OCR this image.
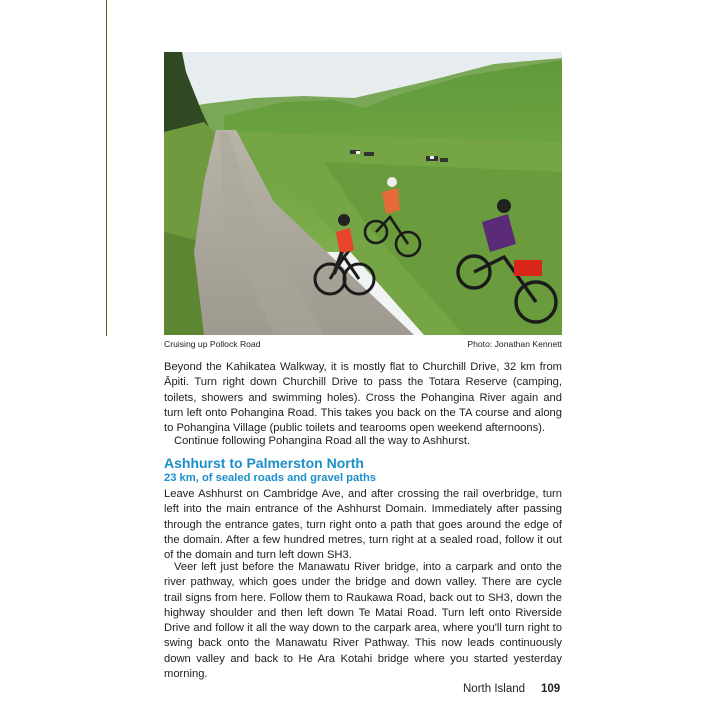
Cruising up Pollock Road	Photo: Jonathan Kennett

Beyond the Kahikatea Walkway, it is mostly flat to Churchill Drive, 32 km from Āpiti. Turn right down Churchill Drive to pass the Totara Reserve (camping, toilets, showers and swimming holes). Cross the Pohangina River again and turn left onto Pohangina Road. This takes you back on the TA course and along to Pohangina Village (public toilets and tearooms open weekend afternoons).

Continue following Pohangina Road all the way to Ashhurst.

Ashhurst to Palmerston North
23 km, of sealed roads and gravel paths

Leave Ashhurst on Cambridge Ave, and after crossing the rail overbridge, turn left into the main entrance of the Ashhurst Domain. Immediately after passing through the entrance gates, turn right onto a path that goes around the edge of the domain. After a few hundred metres, turn right at a sealed road, follow it out of the domain and turn left down SH3.

Veer left just before the Manawatu River bridge, into a carpark and onto the river pathway, which goes under the bridge and down valley. There are cycle trail signs from here. Follow them to Raukawa Road, back out to SH3, down the highway shoulder and then left down Te Matai Road. Turn left onto Riverside Drive and follow it all the way down to the carpark area, where you'll turn right to swing back onto the Manawatu River Pathway. This now leads continuously down valley and back to He Ara Kotahi bridge where you started yesterday morning.

North Island 109
